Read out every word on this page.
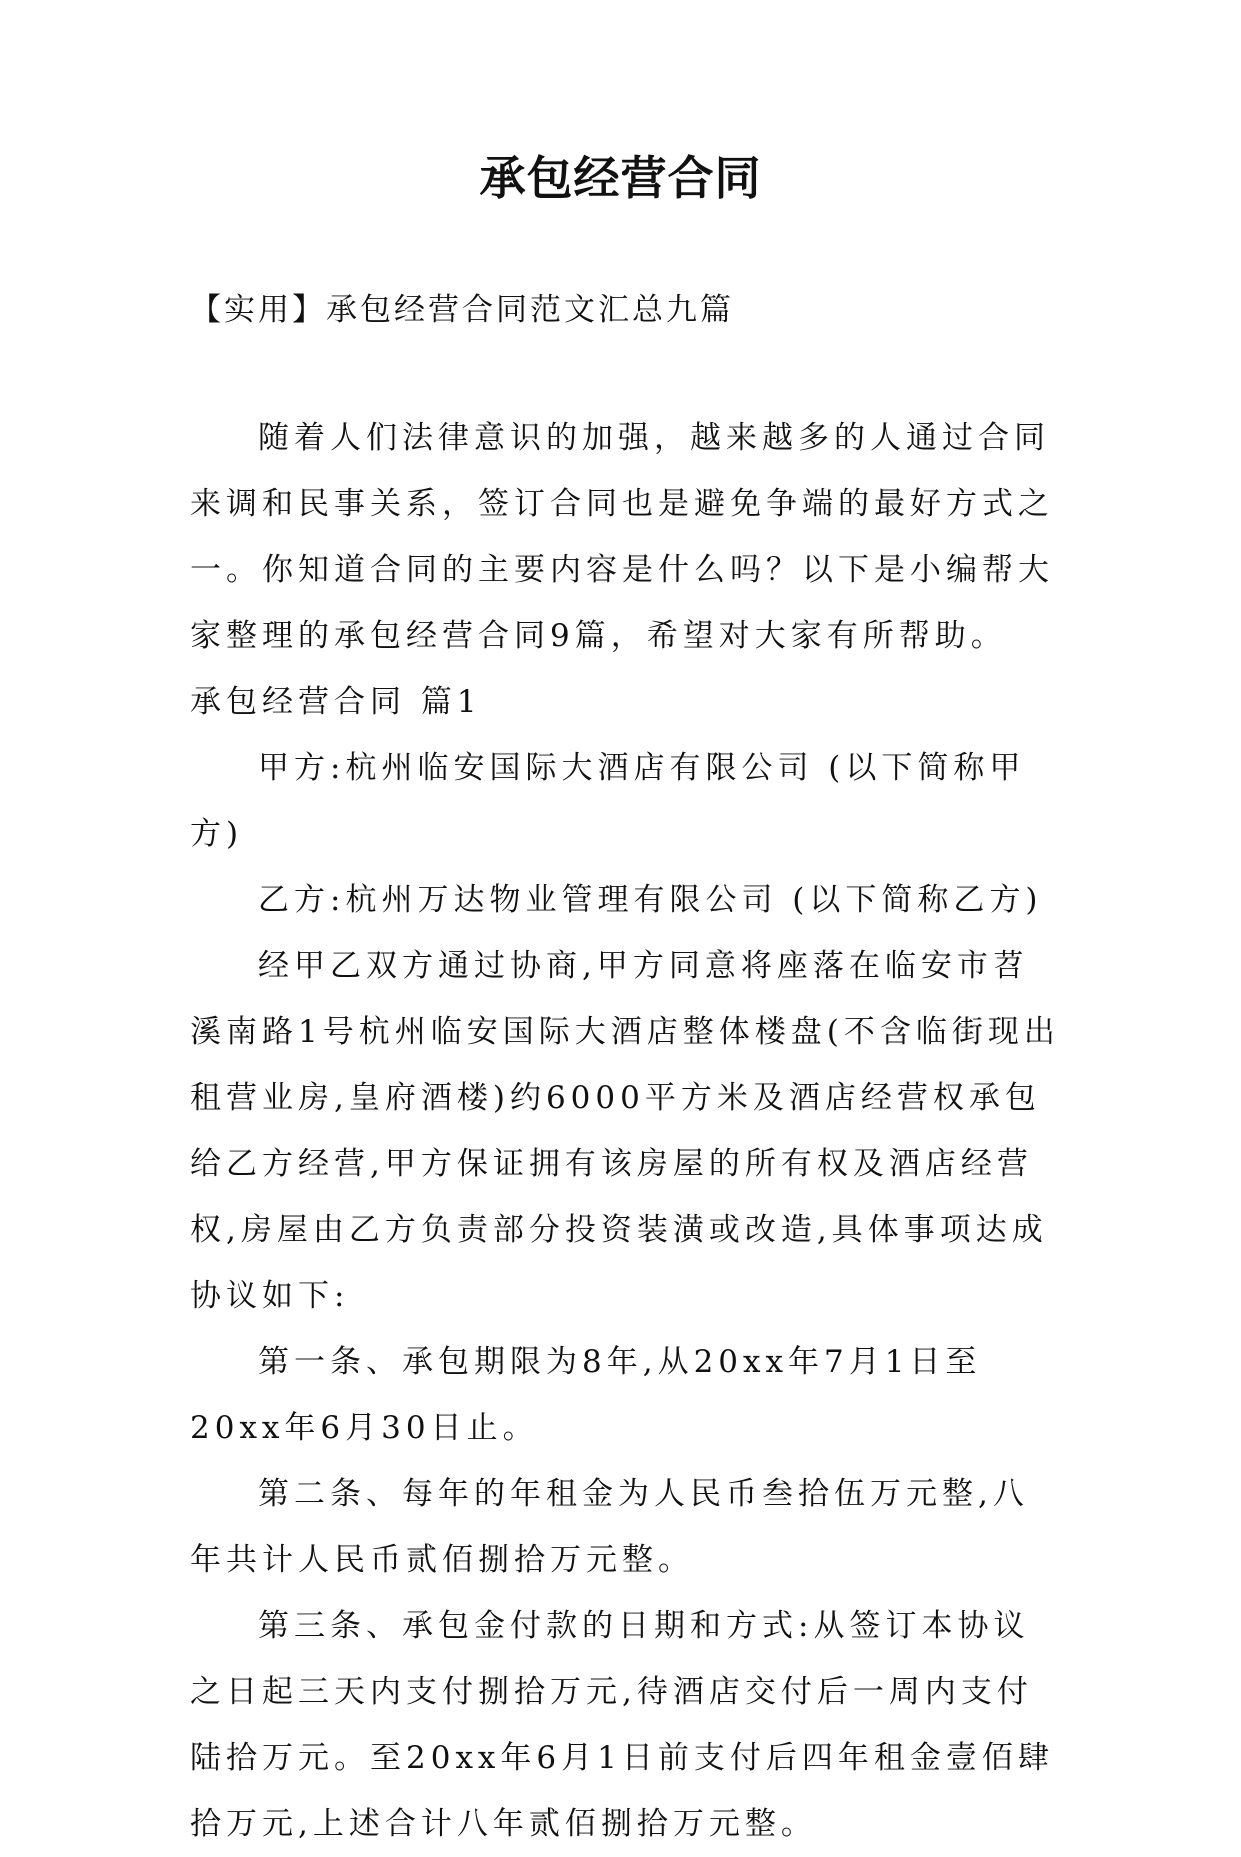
承包经营合同
【实用】承包经营合同范文汇总九篇

随着人们法律意识的加强，越来越多的人通过合同来调和民事关系，签订合同也是避免争端的最好方式之一。你知道合同的主要内容是什么吗？以下是小编帮大家整理的承包经营合同9篇，希望对大家有所帮助。

承包经营合同 篇1

甲方:杭州临安国际大酒店有限公司 (以下简称甲方)

乙方:杭州万达物业管理有限公司 (以下简称乙方)

经甲乙双方通过协商,甲方同意将座落在临安市苕溪南路1号杭州临安国际大酒店整体楼盘(不含临街现出租营业房,皇府酒楼)约6000平方米及酒店经营权承包给乙方经营,甲方保证拥有该房屋的所有权及酒店经营权,房屋由乙方负责部分投资装潢或改造,具体事项达成协议如下:

第一条、承包期限为8年,从20xx年7月1日至20xx年6月30日止。

第二条、每年的年租金为人民币叁拾伍万元整,八年共计人民币贰佰捌拾万元整。

第三条、承包金付款的日期和方式:从签订本协议之日起三天内支付捌拾万元,待酒店交付后一周内支付陆拾万元。至20xx年6月1日前支付后四年租金壹佰肆拾万元,上述合计八年贰佰捌拾万元整。
